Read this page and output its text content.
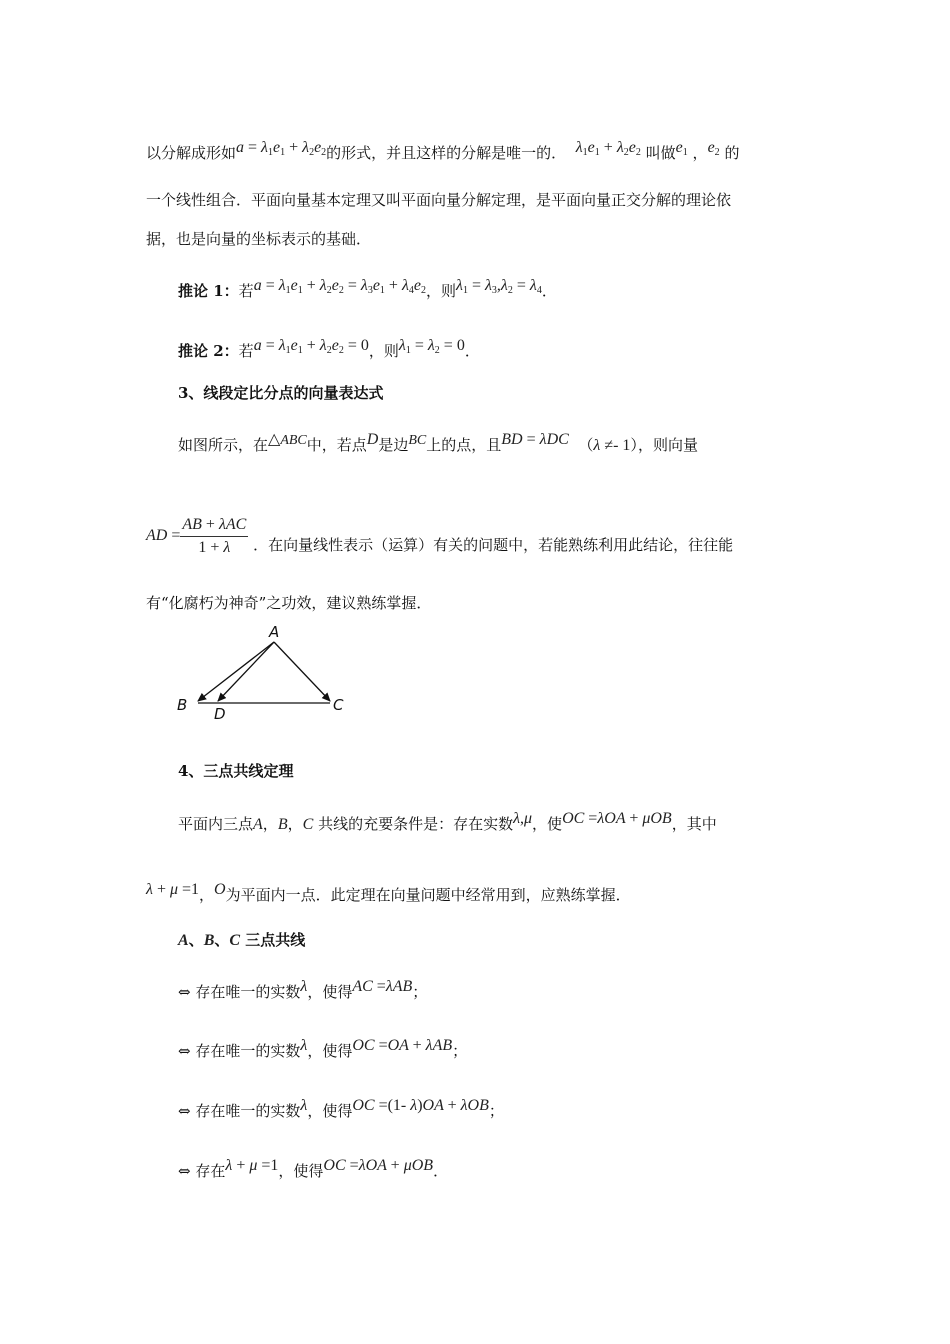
以分解成形如$a = \lambda_1e_1 + \lambda_2e_2$的形式，并且这样的分解是唯一的． $\lambda_1e_1 + \lambda_2e_2$ 叫做$e_1$ ，$e_2$ 的
一个线性组合．平面向量基本定理又叫平面向量分解定理，是平面向量正交分解的理论依
据，也是向量的坐标表示的基础．
推论 1：若$a = \lambda_1e_1 + \lambda_2e_2 = \lambda_3e_1 + \lambda_4e_2$，则$\lambda_1 = \lambda_3,\lambda_2 = \lambda_4$．
推论 2：若$a = \lambda_1e_1 + \lambda_2e_2 = 0$，则$\lambda_1 = \lambda_2 = 0$．
3、线段定比分点的向量表达式
如图所示，在△ABC中，若点D是边BC上的点，且BD = λDC （λ ≠- 1），则向量
AD = $\frac{\text{AB + λAC}}{1 + \lambda}$ ．在向量线性表示（运算）有关的问题中，若能熟练利用此结论，往往能
有“化腐朽为神奇”之功效，建议熟练掌握．
A
B D	C
4、三点共线定理
平面内三点A，B，C 共线的充要条件是：存在实数λ,μ，使OC =λOA + μOB，其中
λ + μ =1，O为平面内一点．此定理在向量问题中经常用到，应熟练掌握．
A、B、C 三点共线
⇔ 存在唯一的实数λ，使得AC =λAB；
⇔ 存在唯一的实数λ，使得OC =OA + λAB；
⇔ 存在唯一的实数λ，使得OC =(1- λ)OA + λOB；
⇔ 存在λ + μ =1，使得OC =λOA + μOB．
